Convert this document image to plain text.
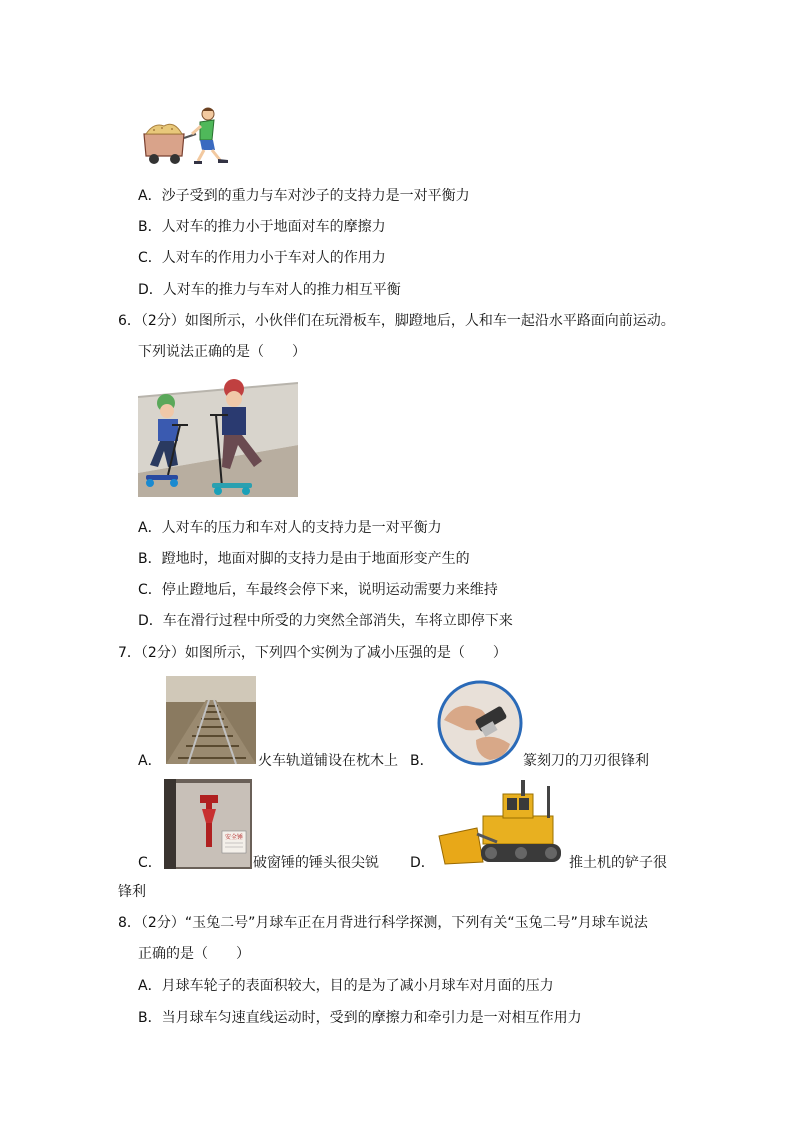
A．沙子受到的重力与车对沙子的支持力是一对平衡力
B．人对车的推力小于地面对车的摩擦力
C．人对车的作用力小于车对人的作用力
D．人对车的推力与车对人的推力相互平衡
6．（2分）如图所示，小伙伴们在玩滑板车，脚蹬地后，人和车一起沿水平路面向前运动。
下列说法正确的是（　　）
A．人对车的压力和车对人的支持力是一对平衡力
B．蹬地时，地面对脚的支持力是由于地面形变产生的
C．停止蹬地后，车最终会停下来，说明运动需要力来维持
D．车在滑行过程中所受的力突然全部消失，车将立即停下来
7．（2分）如图所示，下列四个实例为了减小压强的是（　　）
A．	火车轨道铺设在枕木上 B．	篆刻刀的刀刃很锋利
C．
安全锤
破窗锤的锤头很尖锐 D．	推土机的铲子很
锋利
8．（2分）“玉兔二号”月球车正在月背进行科学探测，下列有关“玉兔二号”月球车说法
正确的是（　　）
A．月球车轮子的表面积较大，目的是为了减小月球车对月面的压力
B．当月球车匀速直线运动时，受到的摩擦力和牵引力是一对相互作用力
